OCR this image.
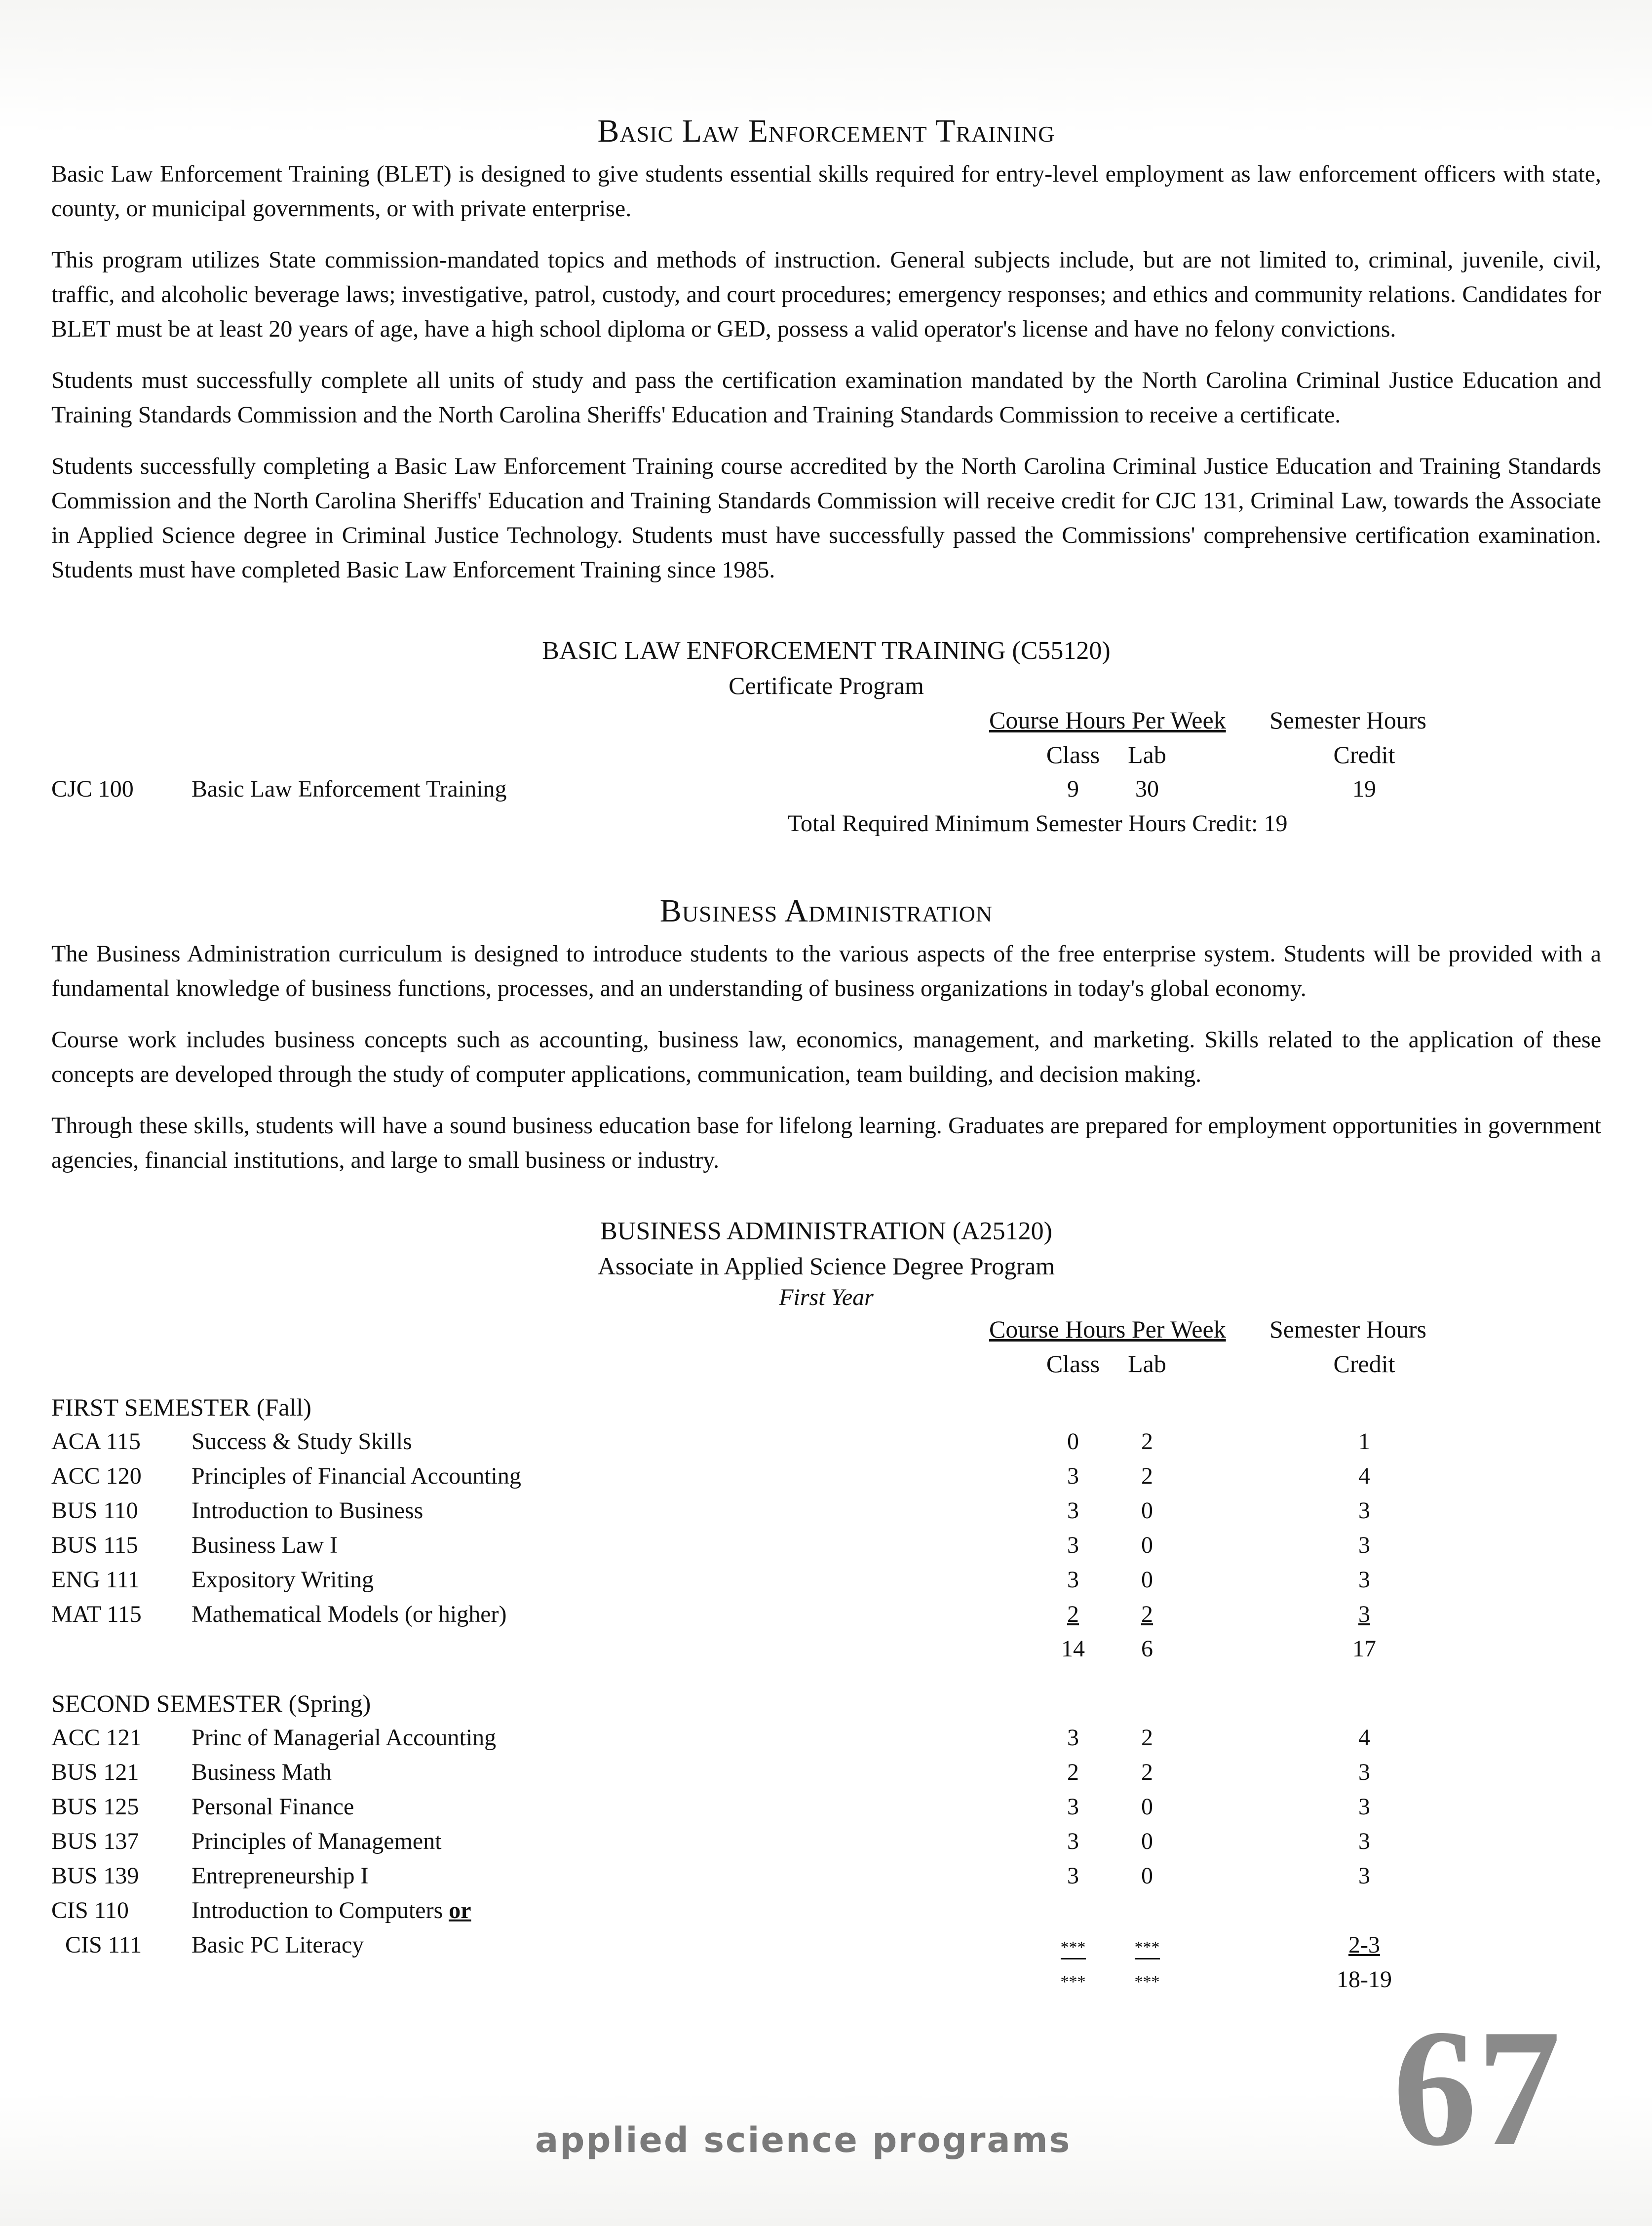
Basic Law Enforcement Training

Basic Law Enforcement Training (BLET) is designed to give students essential skills required for entry-level employment as law enforcement officers with state, county, or municipal governments, or with private enterprise.

This program utilizes State commission-mandated topics and methods of instruction. General subjects include, but are not limited to, criminal, juvenile, civil, traffic, and alcoholic beverage laws; investigative, patrol, custody, and court procedures; emergency responses; and ethics and community relations. Candidates for BLET must be at least 20 years of age, have a high school diploma or GED, possess a valid operator's license and have no felony convictions.

Students must successfully complete all units of study and pass the certification examination mandated by the North Carolina Criminal Justice Education and Training Standards Commission and the North Carolina Sheriffs' Education and Training Standards Commission to receive a certificate.

Students successfully completing a Basic Law Enforcement Training course accredited by the North Carolina Criminal Justice Education and Training Standards Commission and the North Carolina Sheriffs' Education and Training Standards Commission will receive credit for CJC 131, Criminal Law, towards the Associate in Applied Science degree in Criminal Justice Technology. Students must have successfully passed the Commissions' comprehensive certification examination. Students must have completed Basic Law Enforcement Training since 1985.

BASIC LAW ENFORCEMENT TRAINING (C55120)
Certificate Program
Course Hours Per Week Semester Hours
Class	Lab	Credit
CJC 100 Basic Law Enforcement Training	9	30	19
Total Required Minimum Semester Hours Credit: 19
Business Administration

The Business Administration curriculum is designed to introduce students to the various aspects of the free enterprise system. Students will be provided with a fundamental knowledge of business functions, processes, and an understanding of business organizations in today's global economy.

Course work includes business concepts such as accounting, business law, economics, management, and marketing. Skills related to the application of these concepts are developed through the study of computer applications, communication, team building, and decision making.

Through these skills, students will have a sound business education base for lifelong learning. Graduates are prepared for employment opportunities in government agencies, financial institutions, and large to small business or industry.

BUSINESS ADMINISTRATION (A25120)
Associate in Applied Science Degree Program
First Year
Course Hours Per Week Semester Hours
Class	Lab	Credit
FIRST SEMESTER (Fall)
ACA 115 Success & Study Skills	0	2	1
ACC 120 Principles of Financial Accounting	3	2	4
BUS 110 Introduction to Business	3	0	3
BUS 115 Business Law I	3	0	3
ENG 111 Expository Writing	3	0	3
MAT 115 Mathematical Models (or higher)	2	2	3
14	6	17
SECOND SEMESTER (Spring)
ACC 121 Princ of Managerial Accounting	3	2	4
BUS 121 Business Math	2	2	3
BUS 125 Personal Finance	3	0	3
BUS 137 Principles of Management	3	0	3
BUS 139 Entrepreneurship I	3	0	3
CIS 110	Introduction to Computers or
CIS 111 Basic PC Literacy	***	***	2-3
***	***	18-19
applied science programs 67
